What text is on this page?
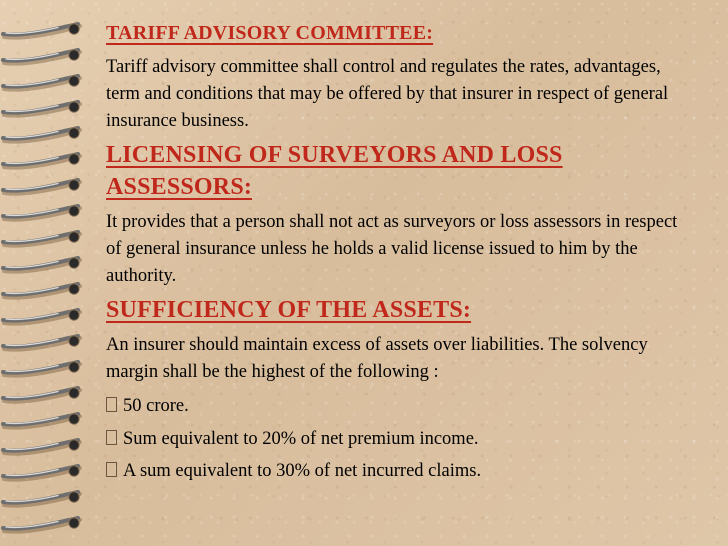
TARIFF ADVISORY COMMITTEE:
Tariff advisory committee shall control and regulates the rates, advantages, term and conditions that may be offered by that insurer in respect of general insurance business.
LICENSING OF SURVEYORS AND LOSS ASSESSORS:
It provides that a person shall not act as surveyors or loss assessors in respect of general insurance unless he holds a valid license issued to him by the authority.
SUFFICIENCY OF THE ASSETS:
An insurer should maintain excess of assets over liabilities. The solvency margin shall be the highest of the following :
50 crore.
Sum equivalent to 20% of net premium income.
A sum equivalent to 30% of net incurred claims.
